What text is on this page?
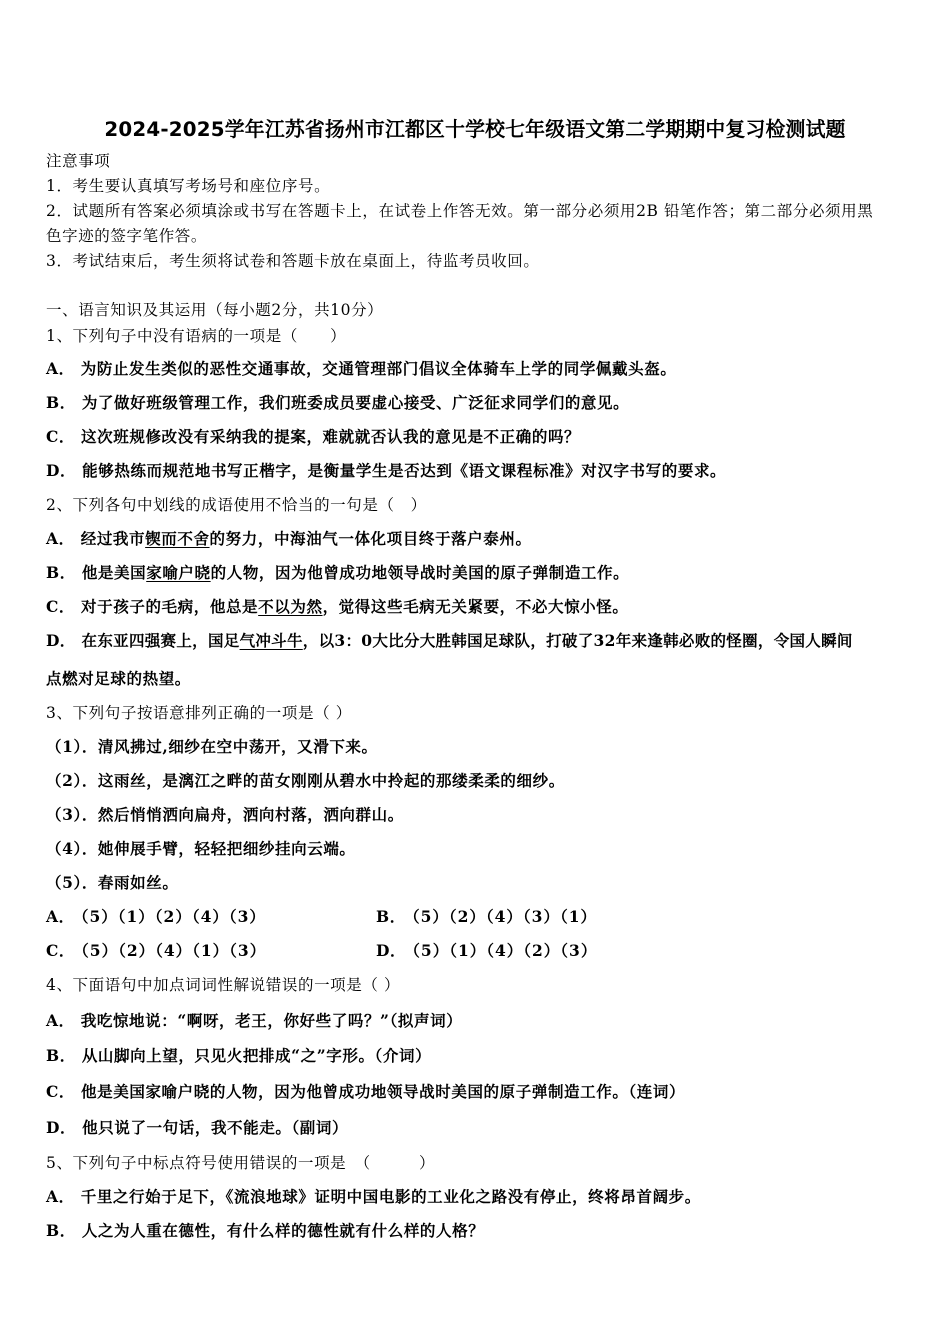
2024-2025学年江苏省扬州市江都区十学校七年级语文第二学期期中复习检测试题
注意事项
1．考生要认真填写考场号和座位序号。
2．试题所有答案必须填涂或书写在答题卡上，在试卷上作答无效。第一部分必须用2B 铅笔作答；第二部分必须用黑
色字迹的签字笔作答。
3．考试结束后，考生须将试卷和答题卡放在桌面上，待监考员收回。
一、语言知识及其运用（每小题2分，共10分）
1、下列句子中没有语病的一项是（　　）
A． 为防止发生类似的恶性交通事故，交通管理部门倡议全体骑车上学的同学佩戴头盔。
B． 为了做好班级管理工作，我们班委成员要虚心接受、广泛征求同学们的意见。
C． 这次班规修改没有采纳我的提案，难就就否认我的意见是不正确的吗？
D． 能够热练而规范地书写正楷字，是衡量学生是否达到《语文课程标准》对汉字书写的要求。
2、下列各句中划线的成语使用不恰当的一句是（　）
A． 经过我市锲而不舍的努力，中海油气一体化项目终于落户泰州。
B． 他是美国家喻户晓的人物，因为他曾成功地领导战时美国的原子弹制造工作。
C． 对于孩子的毛病，他总是不以为然，觉得这些毛病无关紧要，不必大惊小怪。
D． 在东亚四强赛上，国足气冲斗牛，以3：0大比分大胜韩国足球队，打破了32年来逢韩必败的怪圈，令国人瞬间
点燃对足球的热望。
3、下列句子按语意排列正确的一项是（ ）
（1）．清风拂过,细纱在空中荡开，又滑下来。
（2）．这雨丝，是漓江之畔的苗女刚刚从碧水中拎起的那缕柔柔的细纱。
（3）．然后悄悄洒向扁舟，洒向村落，洒向群山。
（4）．她伸展手臂，轻轻把细纱挂向云端。
（5）．春雨如丝。
A． （5）（1）（2）（4）（3）	B． （5）（2）（4）（3）（1）
C． （5）（2）（4）（1）（3）	D． （5）（1）（4）（2）（3）
4、下面语句中加点词词性解说错误的一项是（ ）
A． 我吃惊地说：“啊呀，老王，你好些了吗？”（拟声词）
B． 从山脚向上望，只见火把排成“之”字形。（介词）
C． 他是美国家喻户晓的人物，因为他曾成功地领导战时美国的原子弹制造工作。（连词）
D． 他只说了一句话，我不能走。（副词）
5、下列句子中标点符号使用错误的一项是　（　　　）
A． 千里之行始于足下，《流浪地球》证明中国电影的工业化之路没有停止，终将昂首阔步。
B． 人之为人重在德性，有什么样的德性就有什么样的人格？
